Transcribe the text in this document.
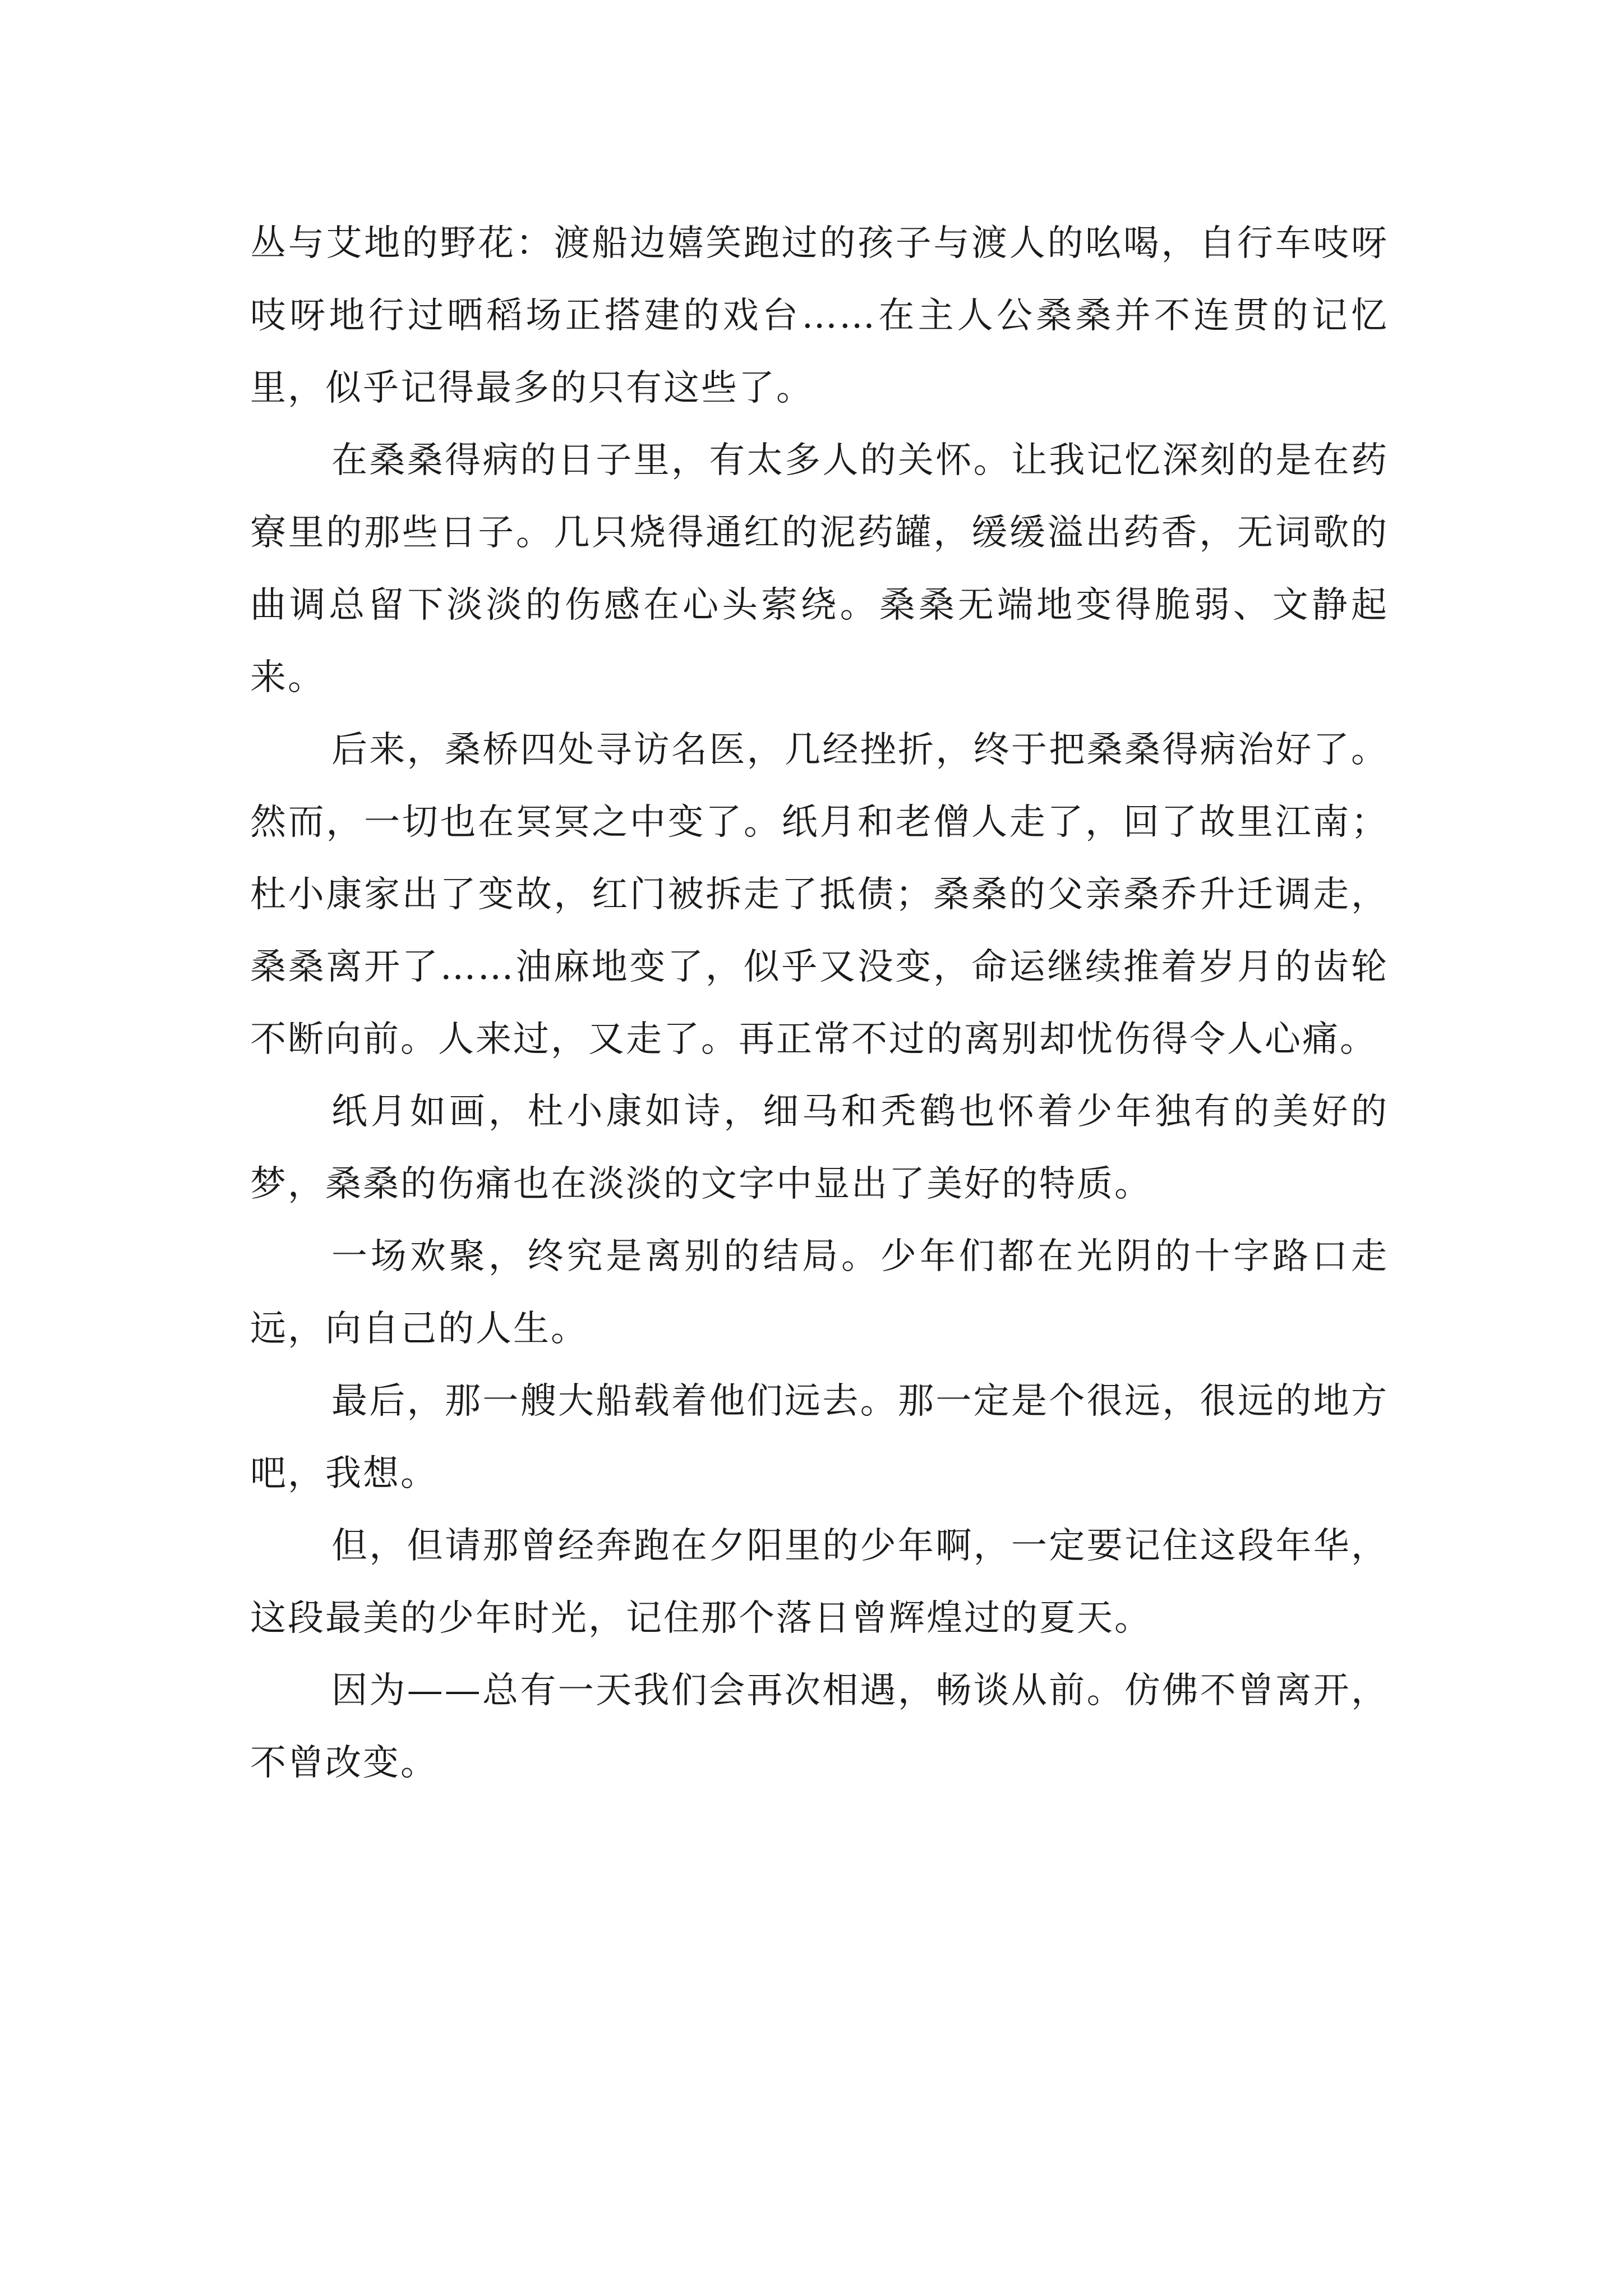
丛与艾地的野花：渡船边嬉笑跑过的孩子与渡人的吆喝，自行车吱呀吱呀地行过晒稻场正搭建的戏台……在主人公桑桑并不连贯的记忆里，似乎记得最多的只有这些了。

在桑桑得病的日子里，有太多人的关怀。让我记忆深刻的是在药寮里的那些日子。几只烧得通红的泥药罐，缓缓溢出药香，无词歌的曲调总留下淡淡的伤感在心头萦绕。桑桑无端地变得脆弱、文静起来。

后来，桑桥四处寻访名医，几经挫折，终于把桑桑得病治好了。然而，一切也在冥冥之中变了。纸月和老僧人走了，回了故里江南；杜小康家出了变故，红门被拆走了抵债；桑桑的父亲桑乔升迁调走，桑桑离开了……油麻地变了，似乎又没变，命运继续推着岁月的齿轮不断向前。人来过，又走了。再正常不过的离别却忧伤得令人心痛。

纸月如画，杜小康如诗，细马和秃鹤也怀着少年独有的美好的梦，桑桑的伤痛也在淡淡的文字中显出了美好的特质。

一场欢聚，终究是离别的结局。少年们都在光阴的十字路口走远，向自己的人生。

最后，那一艘大船载着他们远去。那一定是个很远，很远的地方吧，我想。

但，但请那曾经奔跑在夕阳里的少年啊，一定要记住这段年华，这段最美的少年时光，记住那个落日曾辉煌过的夏天。

因为——总有一天我们会再次相遇，畅谈从前。仿佛不曾离开，不曾改变。
